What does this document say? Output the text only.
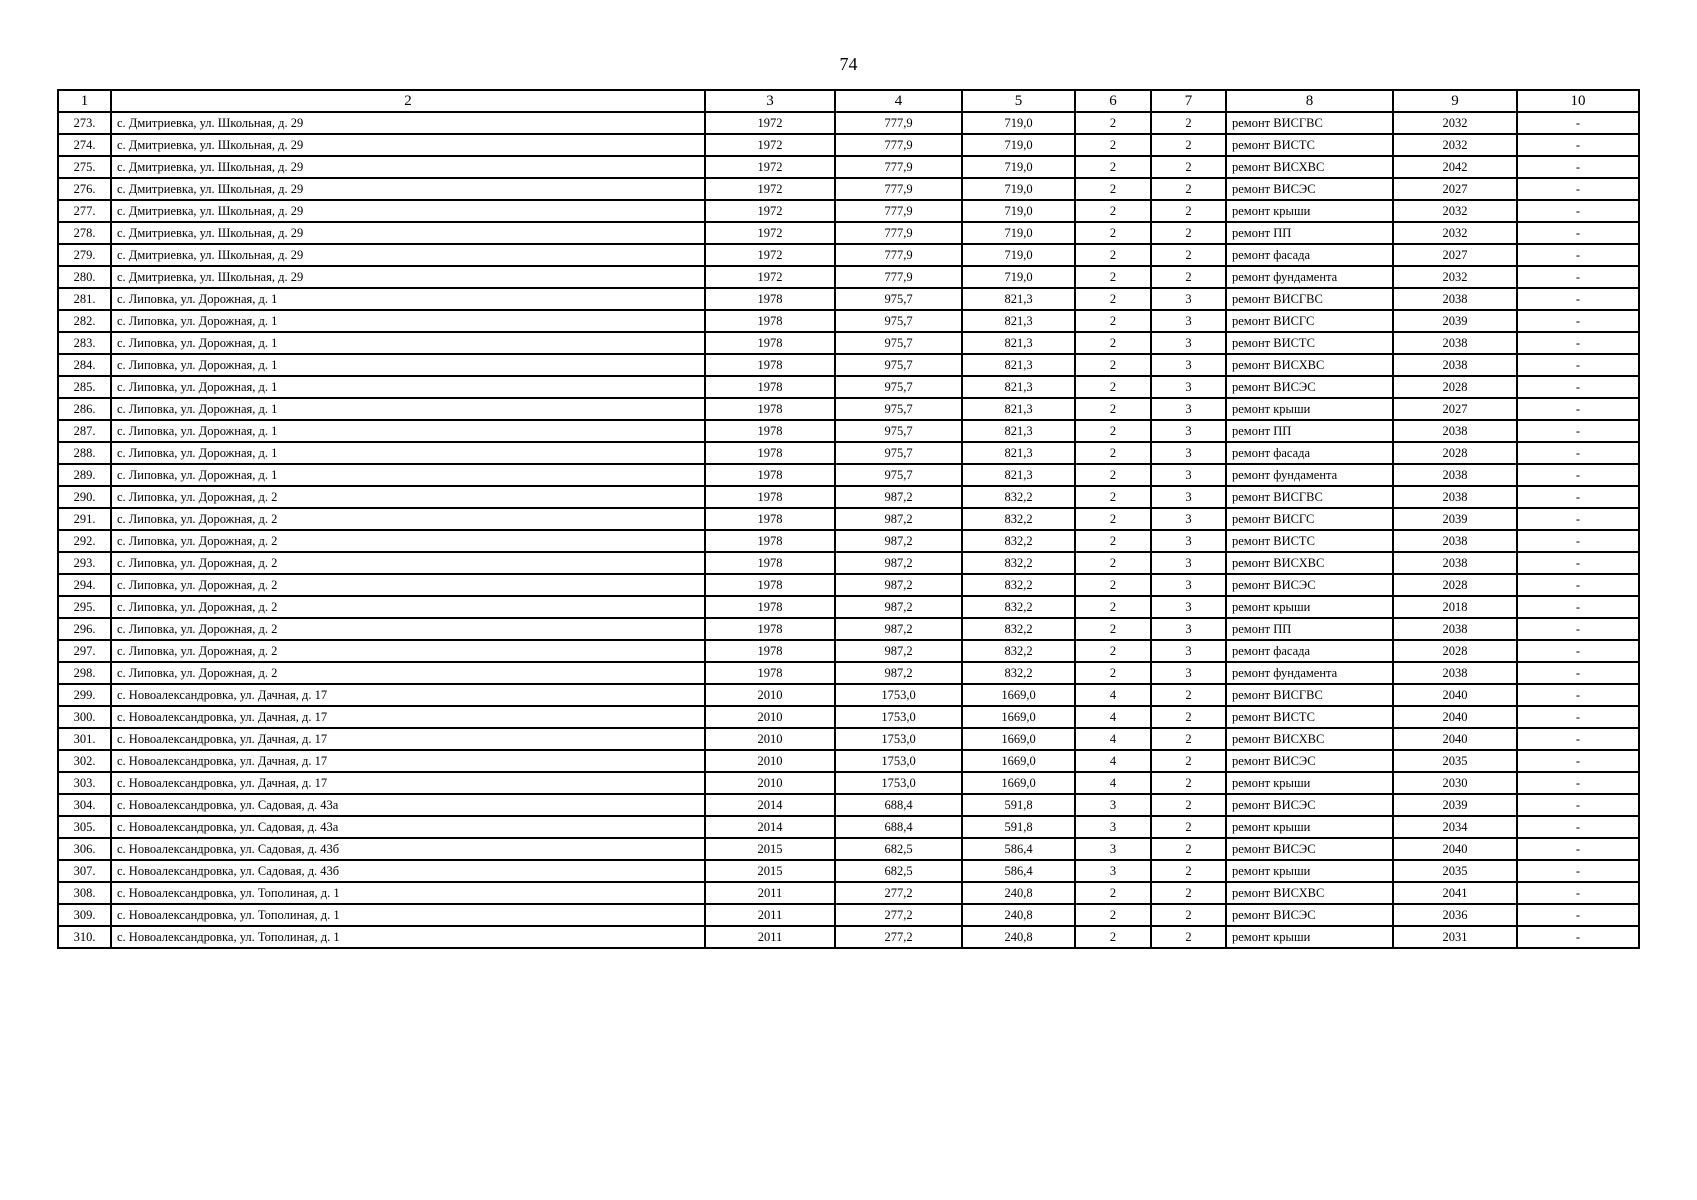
74
1	2	3	4	5	6	7	8	9	10
273.	с. Дмитриевка, ул. Школьная, д. 29	1972	777,9	719,0	2	2	ремонт ВИСГВС	2032	-
274.	с. Дмитриевка, ул. Школьная, д. 29	1972	777,9	719,0	2	2	ремонт ВИСТС	2032	-
275.	с. Дмитриевка, ул. Школьная, д. 29	1972	777,9	719,0	2	2	ремонт ВИСХВС	2042	-
276.	с. Дмитриевка, ул. Школьная, д. 29	1972	777,9	719,0	2	2	ремонт ВИСЭС	2027	-
277.	с. Дмитриевка, ул. Школьная, д. 29	1972	777,9	719,0	2	2	ремонт крыши	2032	-
278.	с. Дмитриевка, ул. Школьная, д. 29	1972	777,9	719,0	2	2	ремонт ПП	2032	-
279.	с. Дмитриевка, ул. Школьная, д. 29	1972	777,9	719,0	2	2	ремонт фасада	2027	-
280.	с. Дмитриевка, ул. Школьная, д. 29	1972	777,9	719,0	2	2	ремонт фундамента	2032	-
281.	с. Липовка, ул. Дорожная, д. 1	1978	975,7	821,3	2	3	ремонт ВИСГВС	2038	-
282.	с. Липовка, ул. Дорожная, д. 1	1978	975,7	821,3	2	3	ремонт ВИСГС	2039	-
283.	с. Липовка, ул. Дорожная, д. 1	1978	975,7	821,3	2	3	ремонт ВИСТС	2038	-
284.	с. Липовка, ул. Дорожная, д. 1	1978	975,7	821,3	2	3	ремонт ВИСХВС	2038	-
285.	с. Липовка, ул. Дорожная, д. 1	1978	975,7	821,3	2	3	ремонт ВИСЭС	2028	-
286.	с. Липовка, ул. Дорожная, д. 1	1978	975,7	821,3	2	3	ремонт крыши	2027	-
287.	с. Липовка, ул. Дорожная, д. 1	1978	975,7	821,3	2	3	ремонт ПП	2038	-
288.	с. Липовка, ул. Дорожная, д. 1	1978	975,7	821,3	2	3	ремонт фасада	2028	-
289.	с. Липовка, ул. Дорожная, д. 1	1978	975,7	821,3	2	3	ремонт фундамента	2038	-
290.	с. Липовка, ул. Дорожная, д. 2	1978	987,2	832,2	2	3	ремонт ВИСГВС	2038	-
291.	с. Липовка, ул. Дорожная, д. 2	1978	987,2	832,2	2	3	ремонт ВИСГС	2039	-
292.	с. Липовка, ул. Дорожная, д. 2	1978	987,2	832,2	2	3	ремонт ВИСТС	2038	-
293.	с. Липовка, ул. Дорожная, д. 2	1978	987,2	832,2	2	3	ремонт ВИСХВС	2038	-
294.	с. Липовка, ул. Дорожная, д. 2	1978	987,2	832,2	2	3	ремонт ВИСЭС	2028	-
295.	с. Липовка, ул. Дорожная, д. 2	1978	987,2	832,2	2	3	ремонт крыши	2018	-
296.	с. Липовка, ул. Дорожная, д. 2	1978	987,2	832,2	2	3	ремонт ПП	2038	-
297.	с. Липовка, ул. Дорожная, д. 2	1978	987,2	832,2	2	3	ремонт фасада	2028	-
298.	с. Липовка, ул. Дорожная, д. 2	1978	987,2	832,2	2	3	ремонт фундамента	2038	-
299.	с. Новоалександровка, ул. Дачная, д. 17	2010	1753,0	1669,0	4	2	ремонт ВИСГВС	2040	-
300.	с. Новоалександровка, ул. Дачная, д. 17	2010	1753,0	1669,0	4	2	ремонт ВИСТС	2040	-
301.	с. Новоалександровка, ул. Дачная, д. 17	2010	1753,0	1669,0	4	2	ремонт ВИСХВС	2040	-
302.	с. Новоалександровка, ул. Дачная, д. 17	2010	1753,0	1669,0	4	2	ремонт ВИСЭС	2035	-
303.	с. Новоалександровка, ул. Дачная, д. 17	2010	1753,0	1669,0	4	2	ремонт крыши	2030	-
304.	с. Новоалександровка, ул. Садовая, д. 43а	2014	688,4	591,8	3	2	ремонт ВИСЭС	2039	-
305.	с. Новоалександровка, ул. Садовая, д. 43а	2014	688,4	591,8	3	2	ремонт крыши	2034	-
306.	с. Новоалександровка, ул. Садовая, д. 43б	2015	682,5	586,4	3	2	ремонт ВИСЭС	2040	-
307.	с. Новоалександровка, ул. Садовая, д. 43б	2015	682,5	586,4	3	2	ремонт крыши	2035	-
308.	с. Новоалександровка, ул. Тополиная, д. 1	2011	277,2	240,8	2	2	ремонт ВИСХВС	2041	-
309.	с. Новоалександровка, ул. Тополиная, д. 1	2011	277,2	240,8	2	2	ремонт ВИСЭС	2036	-
310.	с. Новоалександровка, ул. Тополиная, д. 1	2011	277,2	240,8	2	2	ремонт крыши	2031	-
